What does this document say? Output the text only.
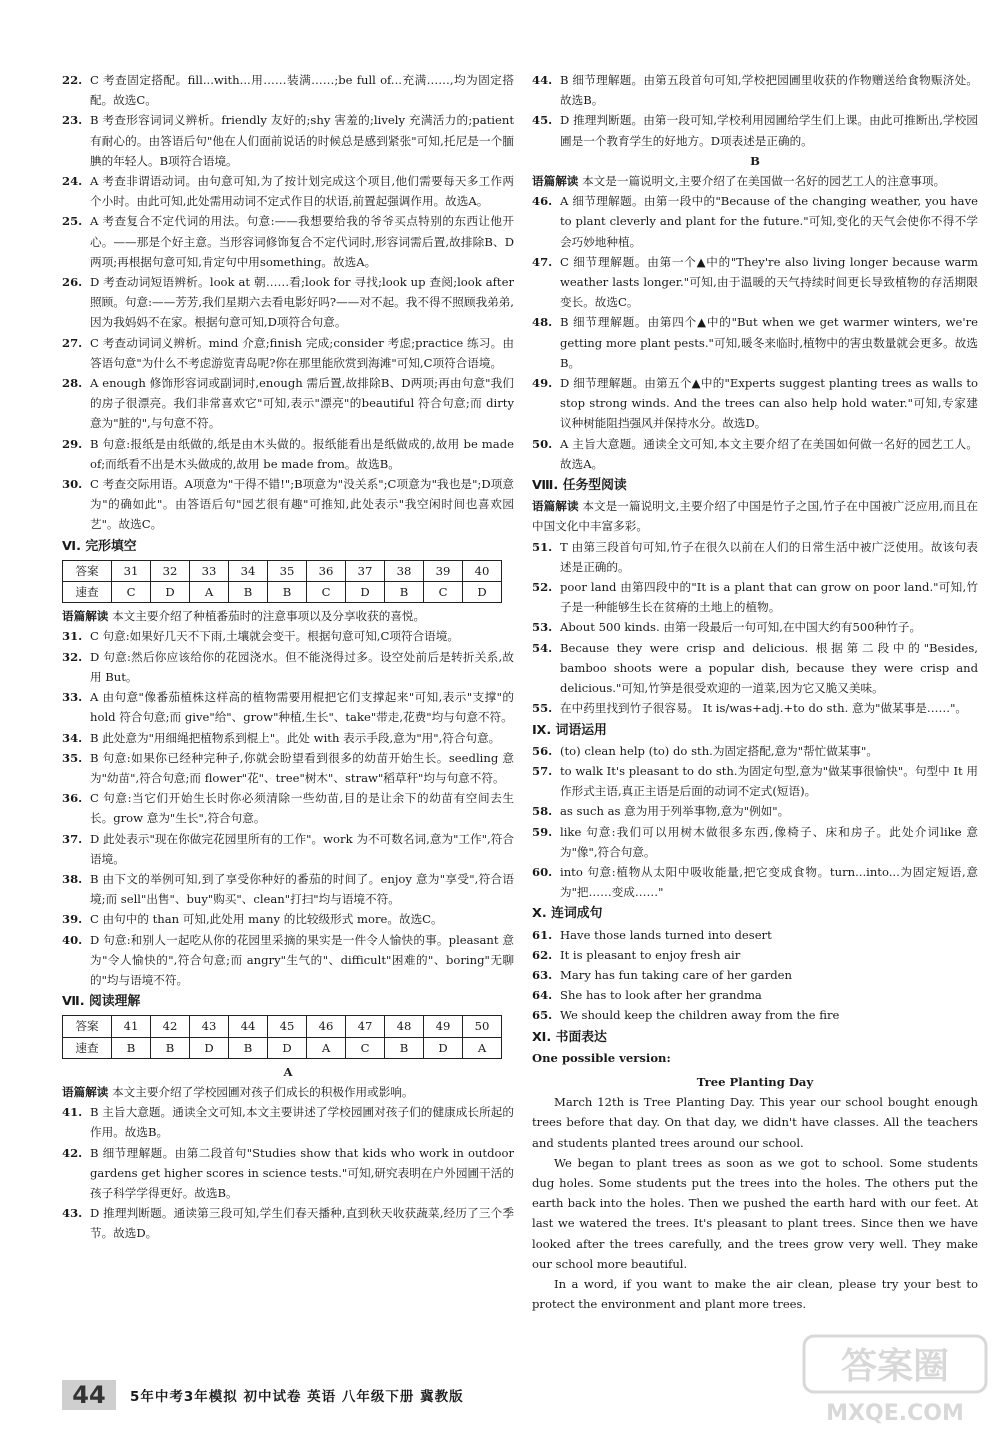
22. C 考查固定搭配。fill...with...用……装满……;be full of...充满……,均为固定搭配。故选C。
23. B 考查形容词词义辨析。friendly 友好的;shy 害羞的;lively 充满活力的;patient 有耐心的。由答语后句"他在人们面前说话的时候总是感到紧张"可知,托尼是一个腼腆的年轻人。B项符合语境。
24. A 考查非谓语动词。由句意可知,为了按计划完成这个项目,他们需要每天多工作两个小时。由此可知,此处需用动词不定式作目的状语,前置起强调作用。故选A。
25. A 考查复合不定代词的用法。句意:——我想要给我的爷爷买点特别的东西让他开心。——那是个好主意。当形容词修饰复合不定代词时,形容词需后置,故排除B、D两项;再根据句意可知,肯定句中用something。故选A。
26. D 考查动词短语辨析。look at 朝……看;look for 寻找;look up 查阅;look after 照顾。句意:——芳芳,我们星期六去看电影好吗?——对不起。我不得不照顾我弟弟,因为我妈妈不在家。根据句意可知,D项符合句意。
27. C 考查动词词义辨析。mind 介意;finish 完成;consider 考虑;practice 练习。由答语句意"为什么不考虑游览青岛呢?你在那里能欣赏到海滩"可知,C项符合语境。
28. A enough 修饰形容词或副词时,enough 需后置,故排除B、D两项;再由句意"我们的房子很漂亮。我们非常喜欢它"可知,表示"漂亮"的beautiful 符合句意;而 dirty 意为"脏的",与句意不符。
29. B 句意:报纸是由纸做的,纸是由木头做的。报纸能看出是纸做成的,故用 be made of;而纸看不出是木头做成的,故用 be made from。故选B。
30. C 考查交际用语。A项意为"干得不错!";B项意为"没关系";C项意为"我也是";D项意为"的确如此"。由答语后句"园艺很有趣"可推知,此处表示"我空闲时间也喜欢园艺"。故选C。
Ⅵ. 完形填空
答案	31	32	33	34	35	36	37	38	39	40
速查	C	D	A	B	B	C	D	B	C	D
语篇解读 本文主要介绍了种植番茄时的注意事项以及分享收获的喜悦。
31. C 句意:如果好几天不下雨,土壤就会变干。根据句意可知,C项符合语境。
32. D 句意:然后你应该给你的花园浇水。但不能浇得过多。设空处前后是转折关系,故用 But。
33. A 由句意"像番茄植株这样高的植物需要用棍把它们支撑起来"可知,表示"支撑"的 hold 符合句意;而 give"给"、grow"种植,生长"、take"带走,花费"均与句意不符。
34. B 此处意为"用细绳把植物系到棍上"。此处 with 表示手段,意为"用",符合句意。
35. B 句意:如果你已经种完种子,你就会盼望看到很多的幼苗开始生长。seedling 意为"幼苗",符合句意;而 flower"花"、tree"树木"、straw"稻草秆"均与句意不符。
36. C 句意:当它们开始生长时你必须清除一些幼苗,目的是让余下的幼苗有空间去生长。grow 意为"生长",符合句意。
37. D 此处表示"现在你做完花园里所有的工作"。work 为不可数名词,意为"工作",符合语境。
38. B 由下文的举例可知,到了享受你种好的番茄的时间了。enjoy 意为"享受",符合语境;而 sell"出售"、buy"购买"、clean"打扫"均与语境不符。
39. C 由句中的 than 可知,此处用 many 的比较级形式 more。故选C。
40. D 句意:和别人一起吃从你的花园里采摘的果实是一件令人愉快的事。pleasant 意为"令人愉快的",符合句意;而 angry"生气的"、difficult"困难的"、boring"无聊的"均与语境不符。
Ⅶ. 阅读理解
答案	41	42	43	44	45	46	47	48	49	50
速查	B	B	D	B	D	A	C	B	D	A
A
语篇解读 本文主要介绍了学校园圃对孩子们成长的积极作用或影响。
41. B 主旨大意题。通读全文可知,本文主要讲述了学校园圃对孩子们的健康成长所起的作用。故选B。
42. B 细节理解题。由第二段首句"Studies show that kids who work in outdoor gardens get higher scores in science tests."可知,研究表明在户外园圃干活的孩子科学学得更好。故选B。
43. D 推理判断题。通读第三段可知,学生们春天播种,直到秋天收获蔬菜,经历了三个季节。故选D。
44. B 细节理解题。由第五段首句可知,学校把园圃里收获的作物赠送给食物赈济处。故选B。
45. D 推理判断题。由第一段可知,学校利用园圃给学生们上课。由此可推断出,学校园圃是一个教育学生的好地方。D项表述是正确的。
B
语篇解读 本文是一篇说明文,主要介绍了在美国做一名好的园艺工人的注意事项。
46. A 细节理解题。由第一段中的"Because of the changing weather, you have to plant cleverly and plant for the future."可知,变化的天气会使你不得不学会巧妙地种植。
47. C 细节理解题。由第一个▲中的"They're also living longer because warm weather lasts longer."可知,由于温暖的天气持续时间更长导致植物的存活期限变长。故选C。
48. B 细节理解题。由第四个▲中的"But when we get warmer winters, we're getting more plant pests."可知,暖冬来临时,植物中的害虫数量就会更多。故选B。
49. D 细节理解题。由第五个▲中的"Experts suggest planting trees as walls to stop strong winds. And the trees can also help hold water."可知,专家建议种树能阻挡强风并保持水分。故选D。
50. A 主旨大意题。通读全文可知,本文主要介绍了在美国如何做一名好的园艺工人。故选A。
Ⅷ. 任务型阅读
语篇解读 本文是一篇说明文,主要介绍了中国是竹子之国,竹子在中国被广泛应用,而且在中国文化中丰富多彩。
51. T 由第三段首句可知,竹子在很久以前在人们的日常生活中被广泛使用。故该句表述是正确的。
52. poor land 由第四段中的"It is a plant that can grow on poor land."可知,竹子是一种能够生长在贫瘠的土地上的植物。
53. About 500 kinds. 由第一段最后一句可知,在中国大约有500种竹子。
54. Because they were crisp and delicious. 根据第二段中的"Besides, bamboo shoots were a popular dish, because they were crisp and delicious."可知,竹笋是很受欢迎的一道菜,因为它又脆又美味。
55. 在中药里找到竹子很容易。 It is/was+adj.+to do sth. 意为"做某事是……"。
Ⅸ. 词语运用
56. (to) clean help (to) do sth.为固定搭配,意为"帮忙做某事"。
57. to walk It's pleasant to do sth.为固定句型,意为"做某事很愉快"。句型中 It 用作形式主语,真正主语是后面的动词不定式(短语)。
58. as such as 意为用于列举事物,意为"例如"。
59. like 句意:我们可以用树木做很多东西,像椅子、床和房子。此处介词like 意为"像",符合句意。
60. into 句意:植物从太阳中吸收能量,把它变成食物。turn...into...为固定短语,意为"把……变成……"
Ⅹ. 连词成句
61. Have those lands turned into desert
62. It is pleasant to enjoy fresh air
63. Mary has fun taking care of her garden
64. She has to look after her grandma
65. We should keep the children away from the fire
Ⅺ. 书面表达
One possible version:
Tree Planting Day
March 12th is Tree Planting Day. This year our school bought enough trees before that day. On that day, we didn't have classes. All the teachers and students planted trees around our school.
We began to plant trees as soon as we got to school. Some students dug holes. Some students put the trees into the holes. The others put the earth back into the holes. Then we pushed the earth hard with our feet. At last we watered the trees. It's pleasant to plant trees. Since then we have looked after the trees carefully, and the trees grow very well. They make our school more beautiful.
In a word, if you want to make the air clean, please try your best to protect the environment and plant more trees.
44	5年中考3年模拟 初中试卷 英语 八年级下册 冀教版
答案圈
MXQE.COM
